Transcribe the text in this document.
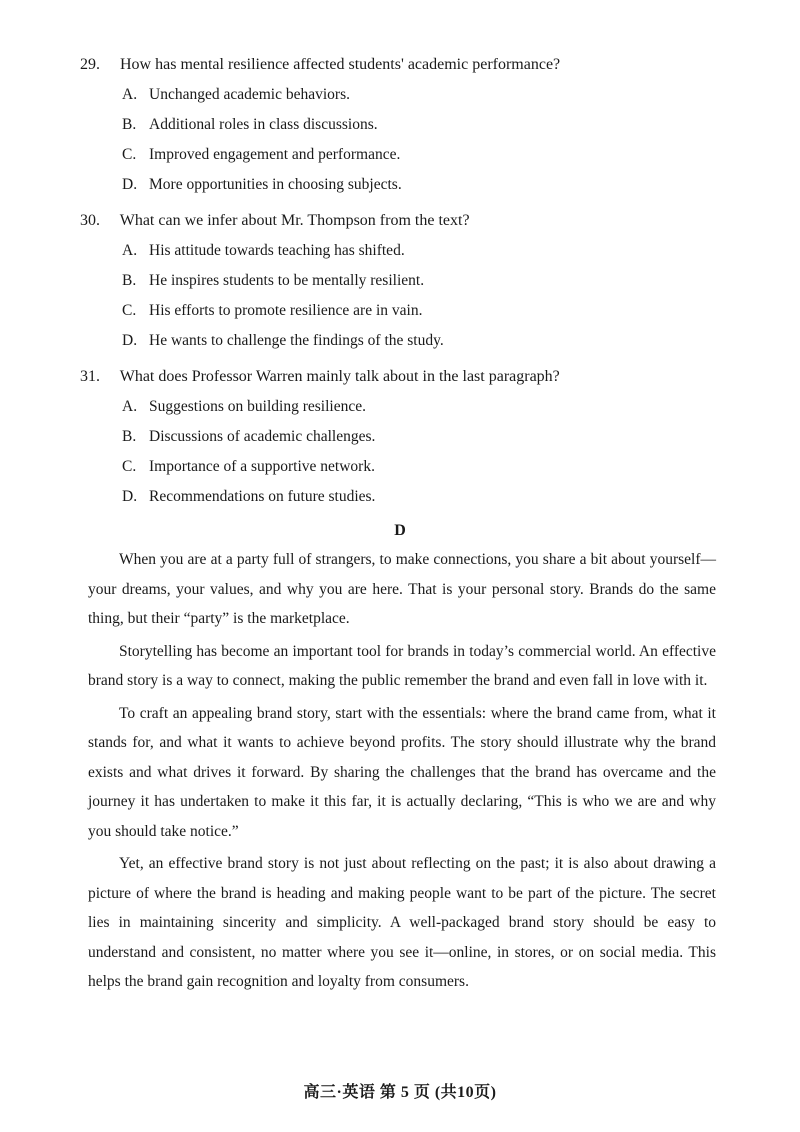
29. How has mental resilience affected students' academic performance?
A. Unchanged academic behaviors.
B. Additional roles in class discussions.
C. Improved engagement and performance.
D. More opportunities in choosing subjects.
30. What can we infer about Mr. Thompson from the text?
A. His attitude towards teaching has shifted.
B. He inspires students to be mentally resilient.
C. His efforts to promote resilience are in vain.
D. He wants to challenge the findings of the study.
31. What does Professor Warren mainly talk about in the last paragraph?
A. Suggestions on building resilience.
B. Discussions of academic challenges.
C. Importance of a supportive network.
D. Recommendations on future studies.
D

When you are at a party full of strangers, to make connections, you share a bit about yourself—your dreams, your values, and why you are here. That is your personal story. Brands do the same thing, but their “party” is the marketplace.

Storytelling has become an important tool for brands in today’s commercial world. An effective brand story is a way to connect, making the public remember the brand and even fall in love with it.

To craft an appealing brand story, start with the essentials: where the brand came from, what it stands for, and what it wants to achieve beyond profits. The story should illustrate why the brand exists and what drives it forward. By sharing the challenges that the brand has overcame and the journey it has undertaken to make it this far, it is actually declaring, “This is who we are and why you should take notice.”

Yet, an effective brand story is not just about reflecting on the past; it is also about drawing a picture of where the brand is heading and making people want to be part of the picture. The secret lies in maintaining sincerity and simplicity. A well-packaged brand story should be easy to understand and consistent, no matter where you see it—online, in stores, or on social media. This helps the brand gain recognition and loyalty from consumers.

高三·英语 第 5 页 (共10页)
